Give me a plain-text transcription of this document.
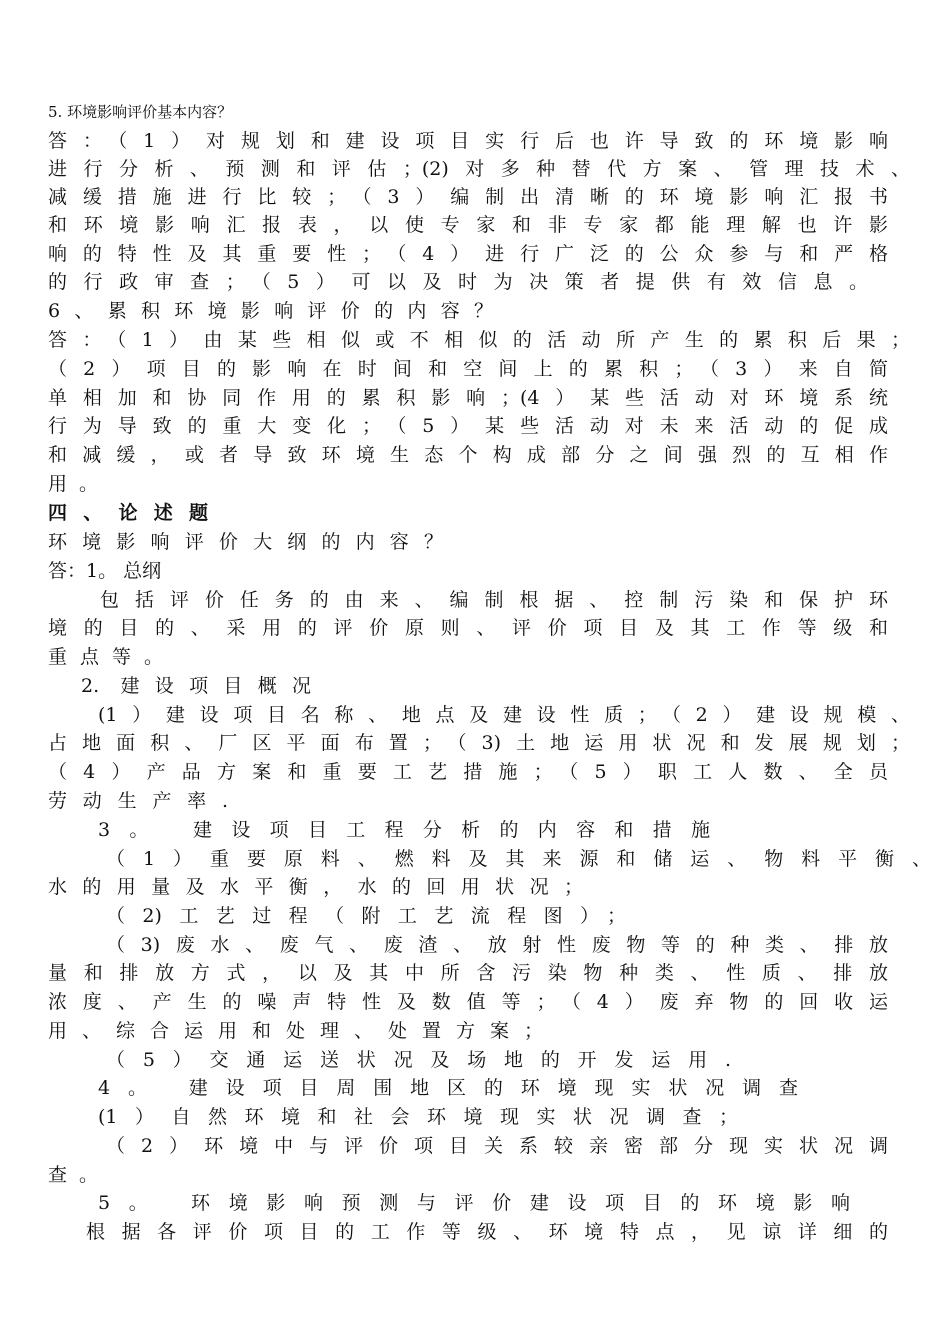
5. 环境影响评价基本内容？
答：（1）对规划和建设项目实行后也许导致的环境影响
进行分析、预测和评估；(2)对多种替代方案、管理技术、
减缓措施进行比较；（3）编制出清晰的环境影响汇报书
和环境影响汇报表，以使专家和非专家都能理解也许影
响的特性及其重要性；（4）进行广泛的公众参与和严格
的行政审查；（5）可以及时为决策者提供有效信息。
6、累积环境影响评价的内容？
答：（1）由某些相似或不相似的活动所产生的累积后果；
（2）项目的影响在时间和空间上的累积；（3）来自简
单相加和协同作用的累积影响；(4）某些活动对环境系统
行为导致的重大变化；（5）某些活动对未来活动的促成
和减缓，或者导致环境生态个构成部分之间强烈的互相作
用。
四、论述题
环境影响评价大纲的内容？
答：1。 总纲
包括评价任务的由来、编制根据、控制污染和保护环
境的目的、采用的评价原则、评价项目及其工作等级和
重点等。
2. 建设项目概况
(1）建设项目名称、地点及建设性质；（2）建设规模、
占地面积、厂区平面布置；（3)土地运用状况和发展规划；
（4）产品方案和重要工艺措施；（5）职工人数、全员
劳动生产率.
3。 建设项目工程分析的内容和措施
（1）重要原料、燃料及其来源和储运、物料平衡、
水的用量及水平衡，水的回用状况；
（2)工艺过程（附工艺流程图）；
（3)废水、废气、废渣、放射性废物等的种类、排放
量和排放方式，以及其中所含污染物种类、性质、排放
浓度、产生的噪声特性及数值等；（4）废弃物的回收运
用、综合运用和处理、处置方案；
（5）交通运送状况及场地的开发运用.
4。 建设项目周围地区的环境现实状况调查
(1）自然环境和社会环境现实状况调查；
（2）环境中与评价项目关系较亲密部分现实状况调
查。
5。 环境影响预测与评价建设项目的环境影响
根据各评价项目的工作等级、环境特点，见谅详细的
